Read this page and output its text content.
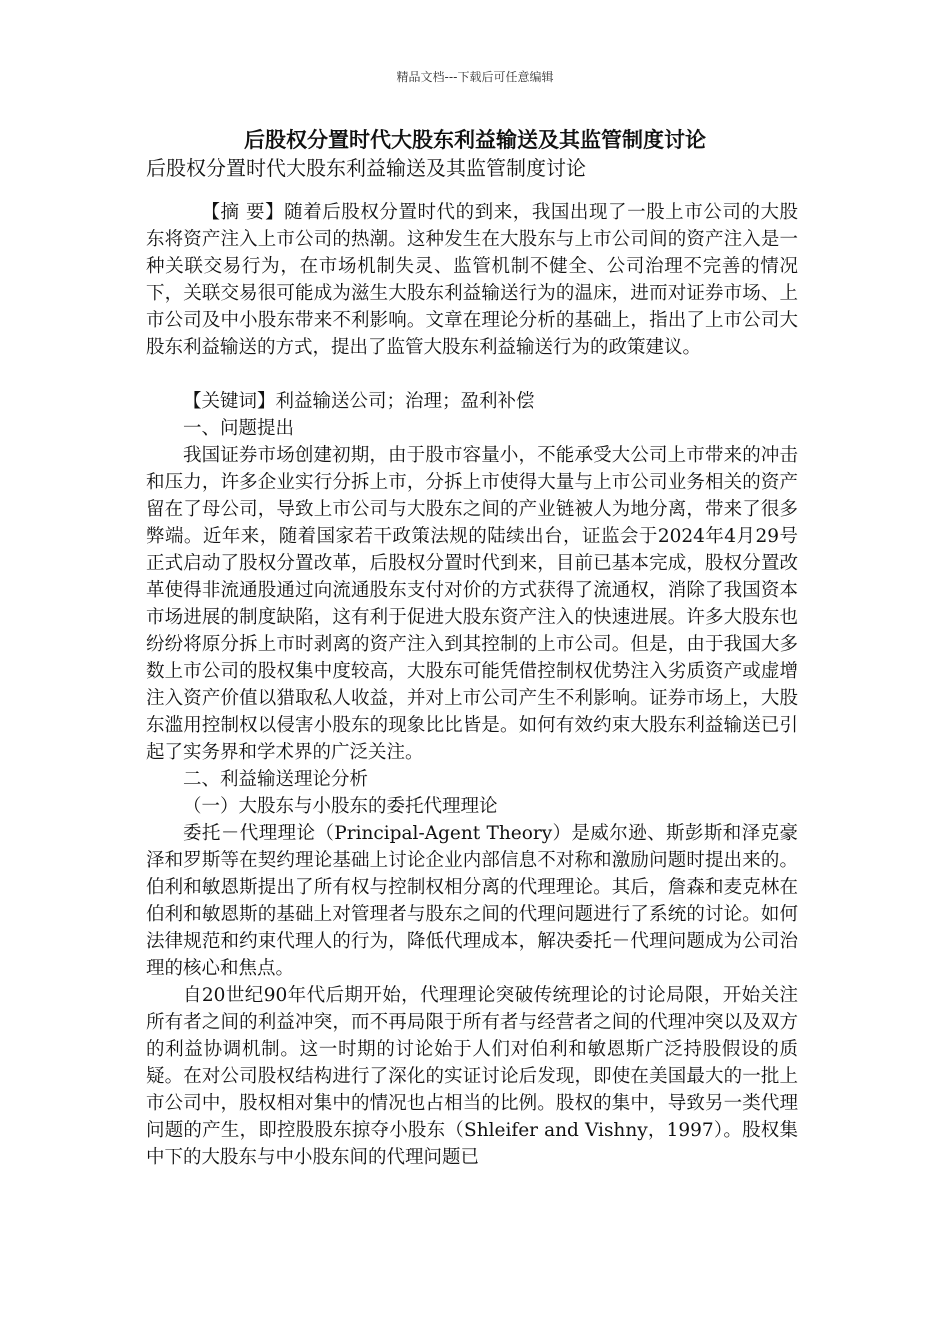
精品文档---下载后可任意编辑
后股权分置时代大股东利益输送及其监管制度讨论
后股权分置时代大股东利益输送及其监管制度讨论

【摘 要】随着后股权分置时代的到来，我国出现了一股上市公司的大股东将资产注入上市公司的热潮。这种发生在大股东与上市公司间的资产注入是一种关联交易行为，在市场机制失灵、监管机制不健全、公司治理不完善的情况下，关联交易很可能成为滋生大股东利益输送行为的温床，进而对证券市场、上市公司及中小股东带来不利影响。文章在理论分析的基础上，指出了上市公司大股东利益输送的方式，提出了监管大股东利益输送行为的政策建议。

【关键词】利益输送公司；治理；盈利补偿

一、问题提出

我国证券市场创建初期，由于股市容量小，不能承受大公司上市带来的冲击和压力，许多企业实行分拆上市，分拆上市使得大量与上市公司业务相关的资产留在了母公司，导致上市公司与大股东之间的产业链被人为地分离，带来了很多弊端。近年来，随着国家若干政策法规的陆续出台，证监会于2024年4月29号正式启动了股权分置改革，后股权分置时代到来，目前已基本完成，股权分置改革使得非流通股通过向流通股东支付对价的方式获得了流通权，消除了我国资本市场进展的制度缺陷，这有利于促进大股东资产注入的快速进展。许多大股东也纷纷将原分拆上市时剥离的资产注入到其控制的上市公司。但是，由于我国大多数上市公司的股权集中度较高，大股东可能凭借控制权优势注入劣质资产或虚增注入资产价值以猎取私人收益，并对上市公司产生不利影响。证券市场上，大股东滥用控制权以侵害小股东的现象比比皆是。如何有效约束大股东利益输送已引起了实务界和学术界的广泛关注。

二、利益输送理论分析

（一）大股东与小股东的委托代理理论

委托－代理理论（Principal-Agent Theory）是威尔逊、斯彭斯和泽克豪泽和罗斯等在契约理论基础上讨论企业内部信息不对称和激励问题时提出来的。伯利和敏恩斯提出了所有权与控制权相分离的代理理论。其后，詹森和麦克林在伯利和敏恩斯的基础上对管理者与股东之间的代理问题进行了系统的讨论。如何法律规范和约束代理人的行为，降低代理成本，解决委托－代理问题成为公司治理的核心和焦点。

自20世纪90年代后期开始，代理理论突破传统理论的讨论局限，开始关注所有者之间的利益冲突，而不再局限于所有者与经营者之间的代理冲突以及双方的利益协调机制。这一时期的讨论始于人们对伯利和敏恩斯广泛持股假设的质疑。在对公司股权结构进行了深化的实证讨论后发现，即使在美国最大的一批上市公司中，股权相对集中的情况也占相当的比例。股权的集中，导致另一类代理问题的产生，即控股股东掠夺小股东（Shleifer and Vishny，1997）。股权集中下的大股东与中小股东间的代理问题已
